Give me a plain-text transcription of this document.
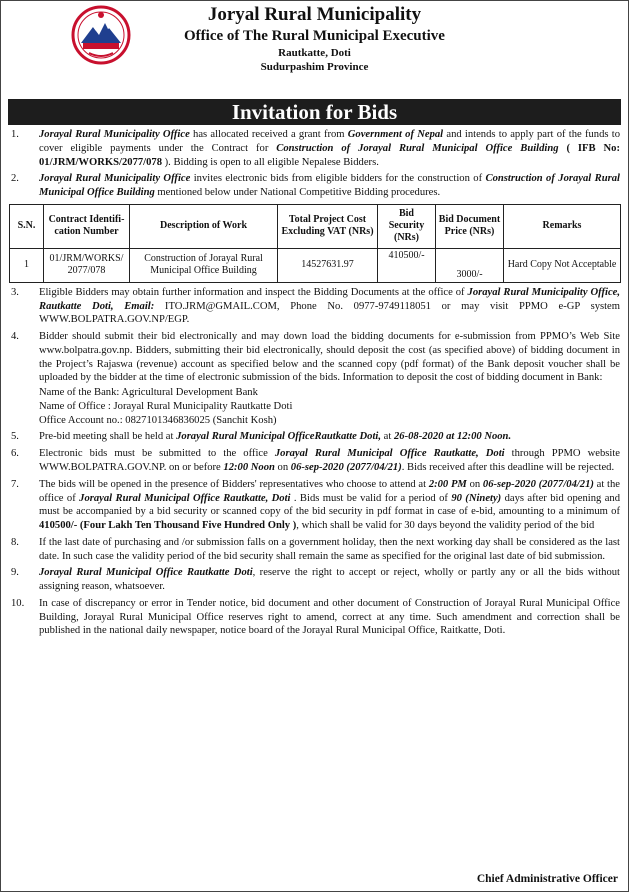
Joryal Rural Municipality
Office of The Rural Municipal Executive
Rautkatte, Doti
Sudurpashim Province
Invitation for Bids
1.	Jorayal Rural Municipality Office has allocated received a grant from Government of Nepal and intends to apply part of the funds to cover eligible payments under the Contract for Construction of Jorayal Rural Municipal Office Building ( IFB No: 01/JRM/WORKS/2077/078 ). Bidding is open to all eligible Nepalese Bidders.
2.	Jorayal Rural Municipality Office invites electronic bids from eligible bidders for the construction of Construction of Jorayal Rural Municipal Office Building mentioned below under National Competitive Bidding procedures.
S.N.	Contract Identifi-cation Number	Description of Work	Total Project Cost Excluding VAT (NRs)	Bid Security (NRs)	Bid Document Price (NRs)	Remarks
1	01/JRM/WORKS/ 2077/078	Construction of Jorayal Rural Municipal Office Building	14527631.97	410500/-	3000/-	Hard Copy Not Acceptable
3.	Eligible Bidders may obtain further information and inspect the Bidding Documents at the office of Jorayal Rural Municipality Office, Rautkatte Doti, Email: ITO.JRM@GMAIL.COM, Phone No. 0977-9749118051 or may visit PPMO e-GP system WWW.BOLPATRA.GOV.NP/EGP.
4.	Bidder should submit their bid electronically and may down load the bidding documents for e-submission from PPMO’s Web Site www.bolpatra.gov.np. Bidders, submitting their bid electronically, should deposit the cost (as specified above) of bidding document in the Project’s Rajaswa (revenue) account as specified below and the scanned copy (pdf format) of the Bank deposit voucher shall be uploaded by the bidder at the time of electronic submission of the bids. Information to deposit the cost of bidding document in Bank:
Name of the Bank: Agricultural Development Bank
Name of Office : Jorayal Rural Municipality Rautkatte Doti
Office Account no.: 0827101346836025 (Sanchit Kosh)
5.	Pre-bid meeting shall be held at Jorayal Rural Municipal OfficeRautkatte Doti, at 26-08-2020 at 12:00 Noon.
6.	Electronic bids must be submitted to the office Jorayal Rural Municipal Office Rautkatte, Doti through PPMO website WWW.BOLPATRA.GOV.NP. on or before 12:00 Noon on 06-sep-2020 (2077/04/21). Bids received after this deadline will be rejected.
7.	The bids will be opened in the presence of Bidders' representatives who choose to attend at 2:00 PM on 06-sep-2020 (2077/04/21) at the office of Jorayal Rural Municipal Office Rautkatte, Doti . Bids must be valid for a period of 90 (Ninety) days after bid opening and must be accompanied by a bid security or scanned copy of the bid security in pdf format in case of e-bid, amounting to a minimum of 410500/- (Four Lakh Ten Thousand Five Hundred Only ), which shall be valid for 30 days beyond the validity period of the bid
8.	If the last date of purchasing and /or submission falls on a government holiday, then the next working day shall be considered as the last date. In such case the validity period of the bid security shall remain the same as specified for the original last date of bid submission.
9.	Jorayal Rural Municipal Office Rautkatte Doti, reserve the right to accept or reject, wholly or partly any or all the bids without assigning reason, whatsoever.
10.	In case of discrepancy or error in Tender notice, bid document and other document of Construction of Jorayal Rural Municipal Office Building, Jorayal Rural Municipal Office reserves right to amend, correct at any time. Such amendment and correction shall be published in the national daily newspaper, notice board of the Jorayal Rural Municipal Office, Raitkatte, Doti.
Chief Administrative Officer
